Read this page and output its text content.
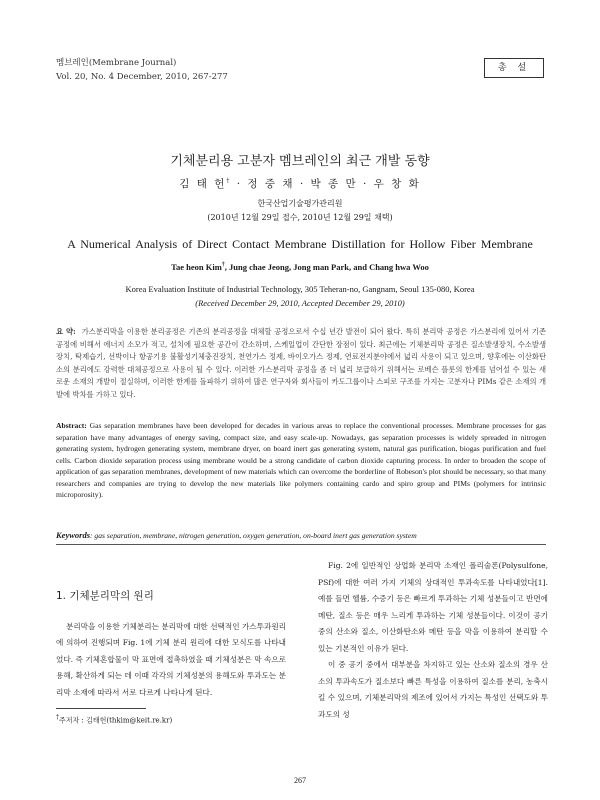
멤브레인(Membrane Journal)
Vol. 20, No. 4 December, 2010, 267-277
총 설
기체분리용 고분자 멤브레인의 최근 개발 동향
김 태 헌† · 정 중 채 · 박 종 만 · 우 창 화
한국산업기술평가관리원
(2010년 12월 29일 접수, 2010년 12월 29일 채택)
A Numerical Analysis of Direct Contact Membrane Distillation for Hollow Fiber Membrane
Tae heon Kim†, Jung chae Jeong, Jong man Park, and Chang hwa Woo
Korea Evaluation Institute of Industrial Technology, 305 Teheran-no, Gangnam, Seoul 135-080, Korea
(Received December 29, 2010, Accepted December 29, 2010)
요 약: 가스분리막을 이용한 분리공정은 기존의 분리공정을 대체할 공정으로서 수십 년간 발전이 되어 왔다. 특히 분리막 공정은 가스분리에 있어서 기존공정에 비해서 에너지 소모가 적고, 설치에 필요한 공간이 간소하며, 스케일업이 간단한 장점이 있다. 최근에는 기체분리막 공정은 질소발생장치, 수소발생장치, 탁제습기, 선박이나 항공기용 불활성기체충진장치, 천연가스 정제, 바이오가스 정제, 연료전지분야에서 넓리 사용이 되고 있으며, 향후에는 이산화탄소의 분리에도 강력한 대체공정으로 사용이 될 수 있다. 이러한 가스분리막 공정을 좀 더 넓리 보급하기 위해서는 로베슨 플롯의 한계를 넘어설 수 있는 새로운 소재의 개발이 절실하며, 이러한 한계를 돌파하기 위하여 많은 연구자와 회사들이 카도그룹이나 스피로 구조를 가지는 고분자나 PIMs 같은 소재의 개발에 박차를 가하고 있다.
Abstract: Gas separation membranes have been developed for decades in various areas to replace the conventional processes. Membrane processes for gas separation have many advantages of energy saving, compact size, and easy scale-up. Nowadays, gas separation processes is widely spreaded in nitrogen generating system, hydrogen generating system, membrane dryer, on board inert gas generating system, natural gas purification, biogas purification and fuel cells. Carbon dioxide separation process using membrane would be a strong candidate of carbon dioxide capturing process. In order to broaden the scope of application of gas separation membranes, development of new materials which can overcome the borderline of Robeson's plot should be necessary, so that many researchers and companies are trying to develop the new materials like polymers containing cardo and spiro group and PIMs (polymers for intrinsic microporosity).
Keywords: gas separation, membrane, nitrogen generation, oxygen generation, on-board inert gas generation system
1. 기체분리막의 원리

분리막을 이용한 기체분리는 분리막에 대한 선택적인 가스투과원리에 의하여 진행되며 Fig. 1에 기체 분리 원리에 대한 모식도를 나타내었다. 즉 기체혼합물이 막 표면에 접촉하였을 때 기체성분은 막 속으로 용해, 확산하게 되는 데 이때 각각의 기체성분의 용해도와 투과도는 분리막 소재에 따라서 서로 다르게 나타나게 된다.

Fig. 2에 일반적인 상업화 분리막 소재인 폴리술폰(Polysulfone, PSf)에 대한 여러 가지 기체의 상대적인 투과속도를 나타내었다[1]. 예를 들면 헬륨, 수증기 등은 빠르게 투과하는 기체 성분들이고 반면에 메탄, 질소 등은 매우 느리게 투과하는 기체 성분들이다. 이것이 공기 중의 산소와 질소, 이산화탄소와 메탄 등을 막을 이용하여 분리할 수 있는 기본적인 이유가 된다.

이 중 공기 중에서 대부분을 차지하고 있는 산소와 질소의 경우 산소의 투과속도가 질소보다 빠른 특성을 이용하여 질소를 분리, 농축시킬 수 있으며, 기체분리막의 제조에 있어서 가지는 특성인 선택도와 투과도의 성

†주저자 : 김태헌(thkim@keit.re.kr)
267
